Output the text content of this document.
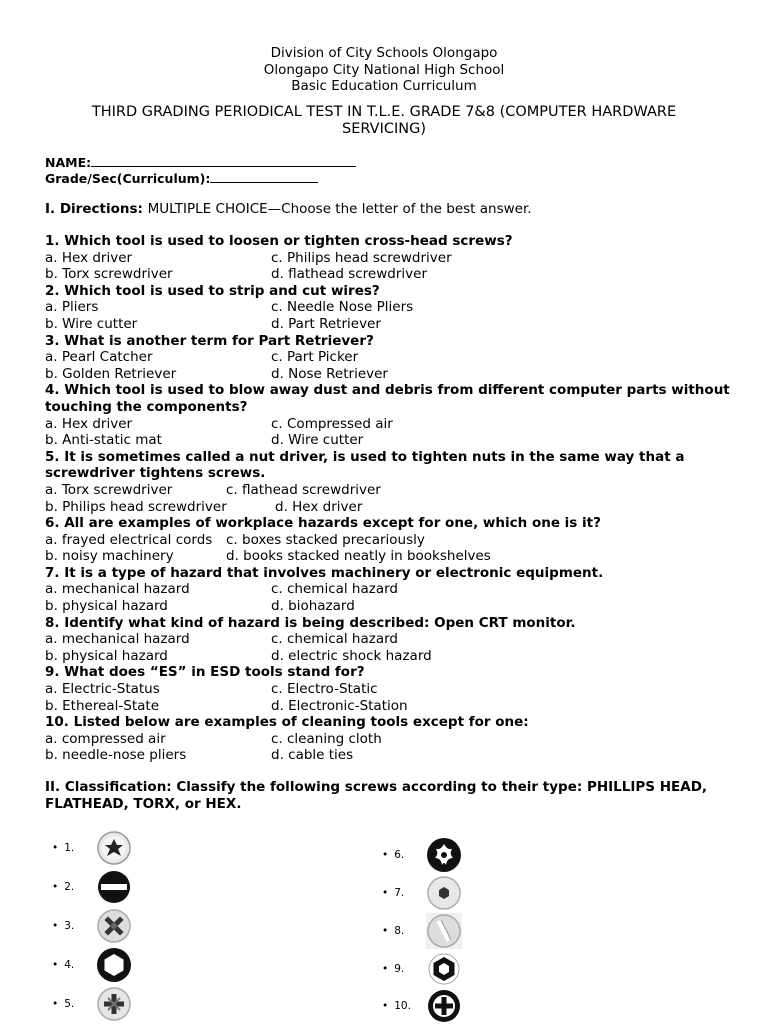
Division of City Schools Olongapo
Olongapo City National High School
Basic Education Curriculum
THIRD GRADING PERIODICAL TEST IN T.L.E. GRADE 7&8 (COMPUTER HARDWARE SERVICING)
NAME:
Grade/Sec(Curriculum):
I. Directions: MULTIPLE CHOICE—Choose the letter of the best answer.
1. Which tool is used to loosen or tighten cross-head screws?
a. Hex driver	c. Philips head screwdriver
b. Torx screwdriver	d. flathead screwdriver
2. Which tool is used to strip and cut wires?
a. Pliers	c. Needle Nose Pliers
b. Wire cutter	d. Part Retriever
3. What is another term for Part Retriever?
a. Pearl Catcher	c. Part Picker
b. Golden Retriever	d. Nose Retriever
4. Which tool is used to blow away dust and debris from different computer parts without touching the components?
a. Hex driver	c. Compressed air
b. Anti-static mat	d. Wire cutter
5. It is sometimes called a nut driver, is used to tighten nuts in the same way that a screwdriver tightens screws.
a. Torx screwdriver	c. flathead screwdriver
b. Philips head screwdriver	d. Hex driver
6. All are examples of workplace hazards except for one, which one is it?
a. frayed electrical cords c. boxes stacked precariously
b. noisy machinery	d. books stacked neatly in bookshelves
7. It is a type of hazard that involves machinery or electronic equipment.
a. mechanical hazard	c. chemical hazard
b. physical hazard	d. biohazard
8. Identify what kind of hazard is being described: Open CRT monitor.
a. mechanical hazard	c. chemical hazard
b. physical hazard	d. electric shock hazard
9. What does “ES” in ESD tools stand for?
a. Electric-Status	c. Electro-Static
b. Ethereal-State	d. Electronic-Station
10. Listed below are examples of cleaning tools except for one:
a. compressed air	c. cleaning cloth
b. needle-nose pliers	d. cable ties
II. Classification: Classify the following screws according to their type: PHILLIPS HEAD, FLATHEAD, TORX, or HEX.
• 1.
• 2.
• 3.
• 4.
• 5.
• 6.
• 7.
• 8.
• 9.
• 10.
